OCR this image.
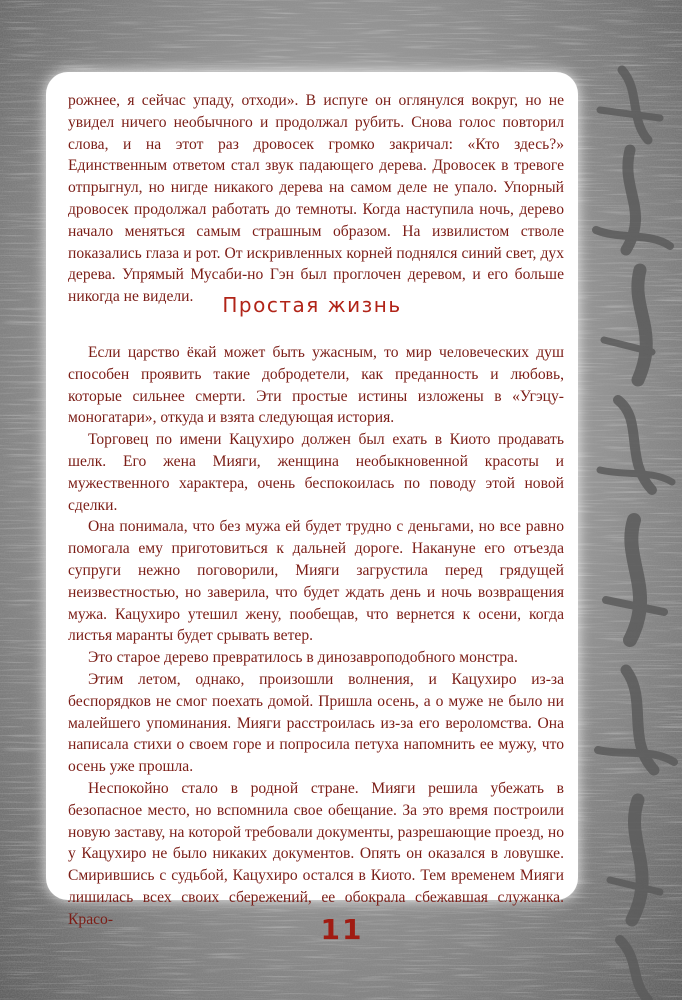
рожнее, я сейчас упаду, отходи». В испуге он оглянулся вокруг, но не увидел ничего необычного и продолжал рубить. Снова голос повторил слова, и на этот раз дровосек громко закричал: «Кто здесь?» Единственным ответом стал звук падающего дерева. Дровосек в тревоге отпрыгнул, но нигде никакого дерева на самом деле не упало. Упорный дровосек продолжал работать до темноты. Когда наступила ночь, дерево начало меняться самым страшным образом. На извилистом стволе показались глаза и рот. От искривленных корней поднялся синий свет, дух дерева. Упрямый Мусаби-но Гэн был проглочен деревом, и его больше никогда не видели.	Простая жизнь

Если царство ёкай может быть ужасным, то мир человеческих душ способен проявить такие добродетели, как преданность и любовь, которые сильнее смерти. Эти простые истины изложены в «Угэцу-моногатари», откуда и взята следующая история.

Торговец по имени Кацухиро должен был ехать в Киото продавать шелк. Его жена Мияги, женщина необыкновенной красоты и мужественного характера, очень беспокоилась по поводу этой новой сделки.

Она понимала, что без мужа ей будет трудно с деньгами, но все равно помогала ему приготовиться к дальней дороге. Накануне его отъезда супруги нежно поговорили, Мияги загрустила перед грядущей неизвестностью, но заверила, что будет ждать день и ночь возвращения мужа. Кацухиро утешил жену, пообещав, что вернется к осени, когда листья маранты будет срывать ветер.

Это старое дерево превратилось в динозавроподобного монстра.

Этим летом, однако, произошли волнения, и Кацухиро из-за беспорядков не смог поехать домой. Пришла осень, а о муже не было ни малейшего упоминания. Мияги расстроилась из-за его вероломства. Она написала стихи о своем горе и попросила петуха напомнить ее мужу, что осень уже прошла.

Неспокойно стало в родной стране. Мияги решила убежать в безопасное место, но вспомнила свое обещание. За это время построили новую заставу, на которой требовали документы, разрешающие проезд, но у Кацухиро не было никаких документов. Опять он оказался в ловушке. Смирившись с судьбой, Кацухиро остался в Киото. Тем временем Мияги лишилась всех своих сбережений, ее обокрала сбежавшая служанка. Красо-	11
